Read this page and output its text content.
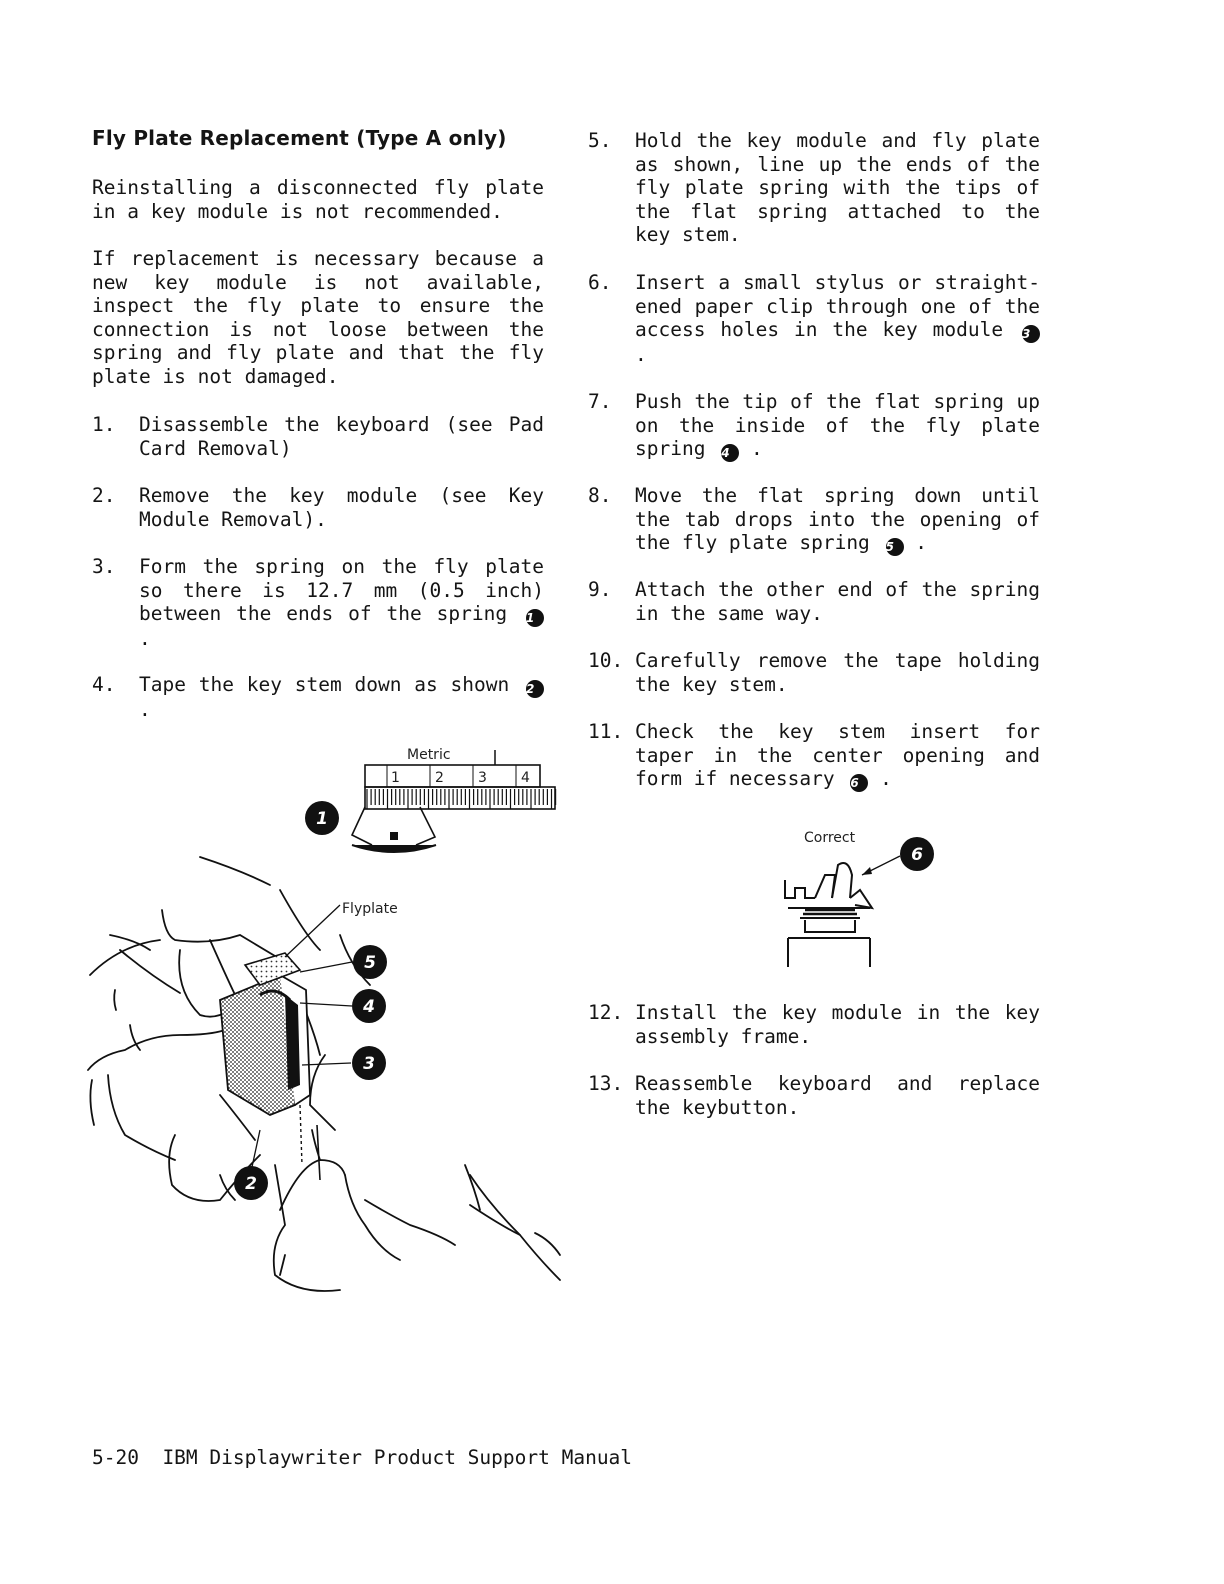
Fly Plate Replacement (Type A only)

Reinstalling a disconnected fly plate in a key module is not recommended.

If replacement is necessary because a new key module is not available, inspect the fly plate to ensure the connection is not loose between the spring and fly plate and that the fly plate is not damaged.

1. Disassemble the keyboard (see Pad Card Removal)
2. Remove the key module (see Key Module Removal).
3. Form the spring on the fly plate so there is 12.7 mm (0.5 inch) between the ends of the spring 1 .
4. Tape the key stem down as shown 2 .
5. Hold the key module and fly plate as shown, line up the ends of the fly plate spring with the tips of the flat spring attached to the key stem.
6. Insert a small stylus or straight-ened paper clip through one of the access holes in the key module 3 .
7. Push the tip of the flat spring up on the inside of the fly plate spring 4 .
8. Move the flat spring down until the tab drops into the opening of the fly plate spring 5 .
9. Attach the other end of the spring in the same way.
10. Carefully remove the tape holding the key stem.
11. Check the key stem insert for taper in the center opening and form if necessary 6 .
12. Install the key module in the key assembly frame.
13. Reassemble keyboard and replace the keybutton.
Metric
1	2 3 4
1
Flyplate
5
4
3
2
Correct
6
5-20  IBM Displaywriter Product Support Manual
